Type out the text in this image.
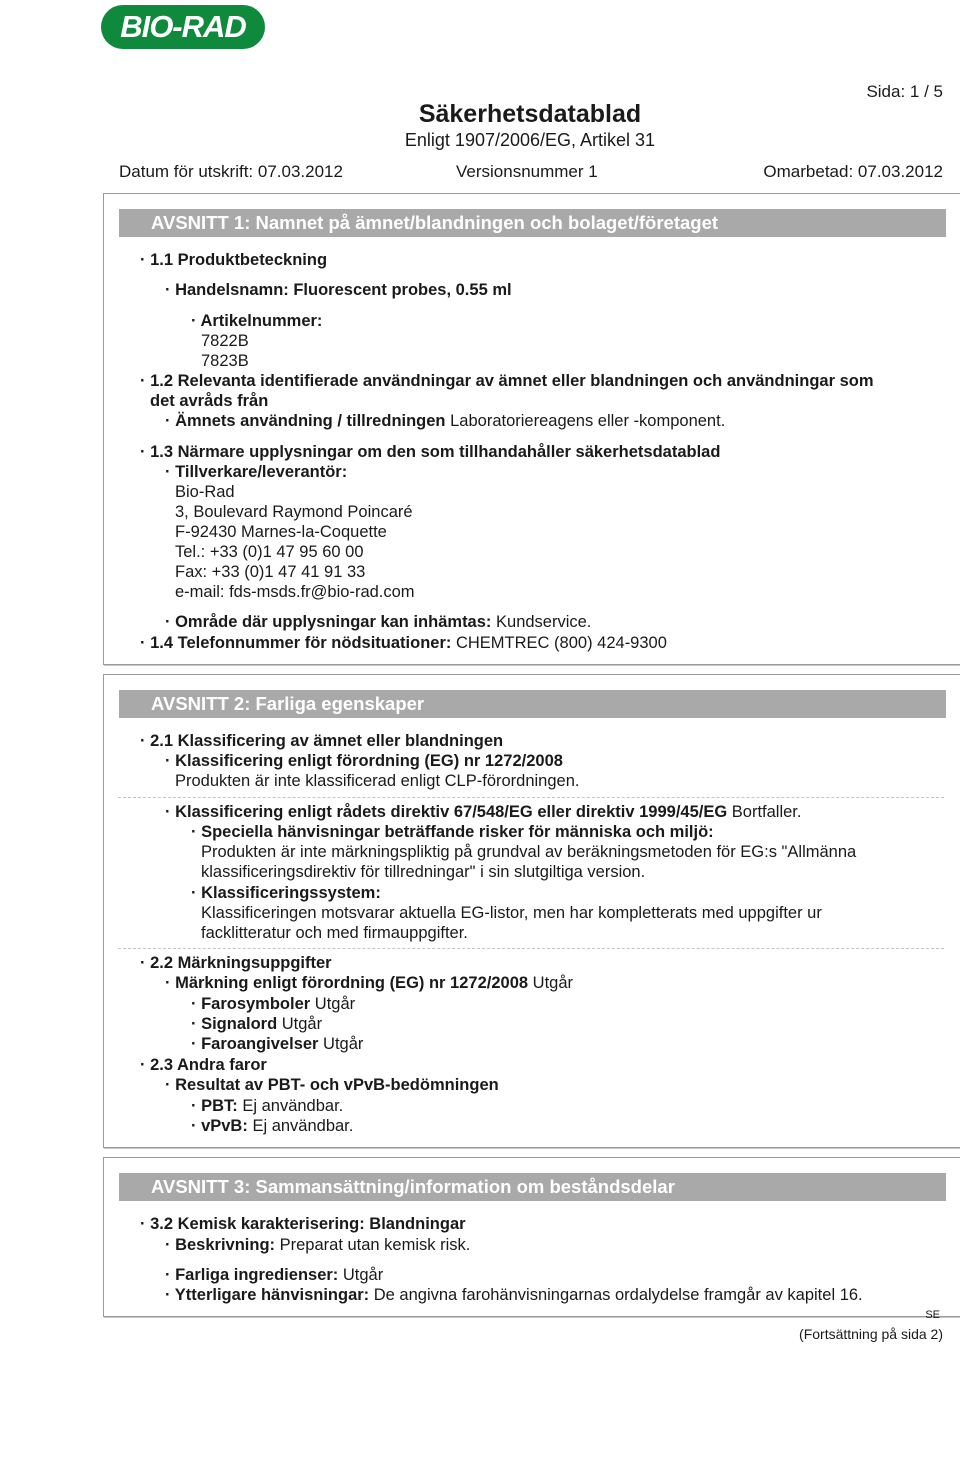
BIO-RAD
Sida: 1 / 5
Säkerhetsdatablad
Enligt 1907/2006/EG, Artikel 31
Datum för utskrift: 07.03.2012	Versionsnummer 1	Omarbetad: 07.03.2012
AVSNITT 1: Namnet på ämnet/blandningen och bolaget/företaget
· 1.1 Produktbeteckning
· Handelsnamn: Fluorescent probes, 0.55 ml
· Artikelnummer:
7822B
7823B
· 1.2 Relevanta identifierade användningar av ämnet eller blandningen och användningar som
det avråds från
· Ämnets användning / tillredningen Laboratoriereagens eller -komponent.
· 1.3 Närmare upplysningar om den som tillhandahåller säkerhetsdatablad
· Tillverkare/leverantör:
Bio-Rad
3, Boulevard Raymond Poincaré
F-92430 Marnes-la-Coquette
Tel.: +33 (0)1 47 95 60 00
Fax: +33 (0)1 47 41 91 33
e-mail: fds-msds.fr@bio-rad.com
· Område där upplysningar kan inhämtas: Kundservice.
· 1.4 Telefonnummer för nödsituationer: CHEMTREC (800) 424-9300
AVSNITT 2: Farliga egenskaper
· 2.1 Klassificering av ämnet eller blandningen
· Klassificering enligt förordning (EG) nr 1272/2008
Produkten är inte klassificerad enligt CLP-förordningen.
· Klassificering enligt rådets direktiv 67/548/EG eller direktiv 1999/45/EG Bortfaller.
· Speciella hänvisningar beträffande risker för människa och miljö:
Produkten är inte märkningspliktig på grundval av beräkningsmetoden för EG:s "Allmänna
klassificeringsdirektiv för tillredningar" i sin slutgiltiga version.
· Klassificeringssystem:
Klassificeringen motsvarar aktuella EG-listor, men har kompletterats med uppgifter ur
facklitteratur och med firmauppgifter.
· 2.2 Märkningsuppgifter
· Märkning enligt förordning (EG) nr 1272/2008 Utgår
· Farosymboler Utgår
· Signalord Utgår
· Faroangivelser Utgår
· 2.3 Andra faror
· Resultat av PBT- och vPvB-bedömningen
· PBT: Ej användbar.
· vPvB: Ej användbar.
AVSNITT 3: Sammansättning/information om beståndsdelar
· 3.2 Kemisk karakterisering: Blandningar
· Beskrivning: Preparat utan kemisk risk.
· Farliga ingredienser: Utgår
· Ytterligare hänvisningar: De angivna farohänvisningarnas ordalydelse framgår av kapitel 16.
SE
(Fortsättning på sida 2)
